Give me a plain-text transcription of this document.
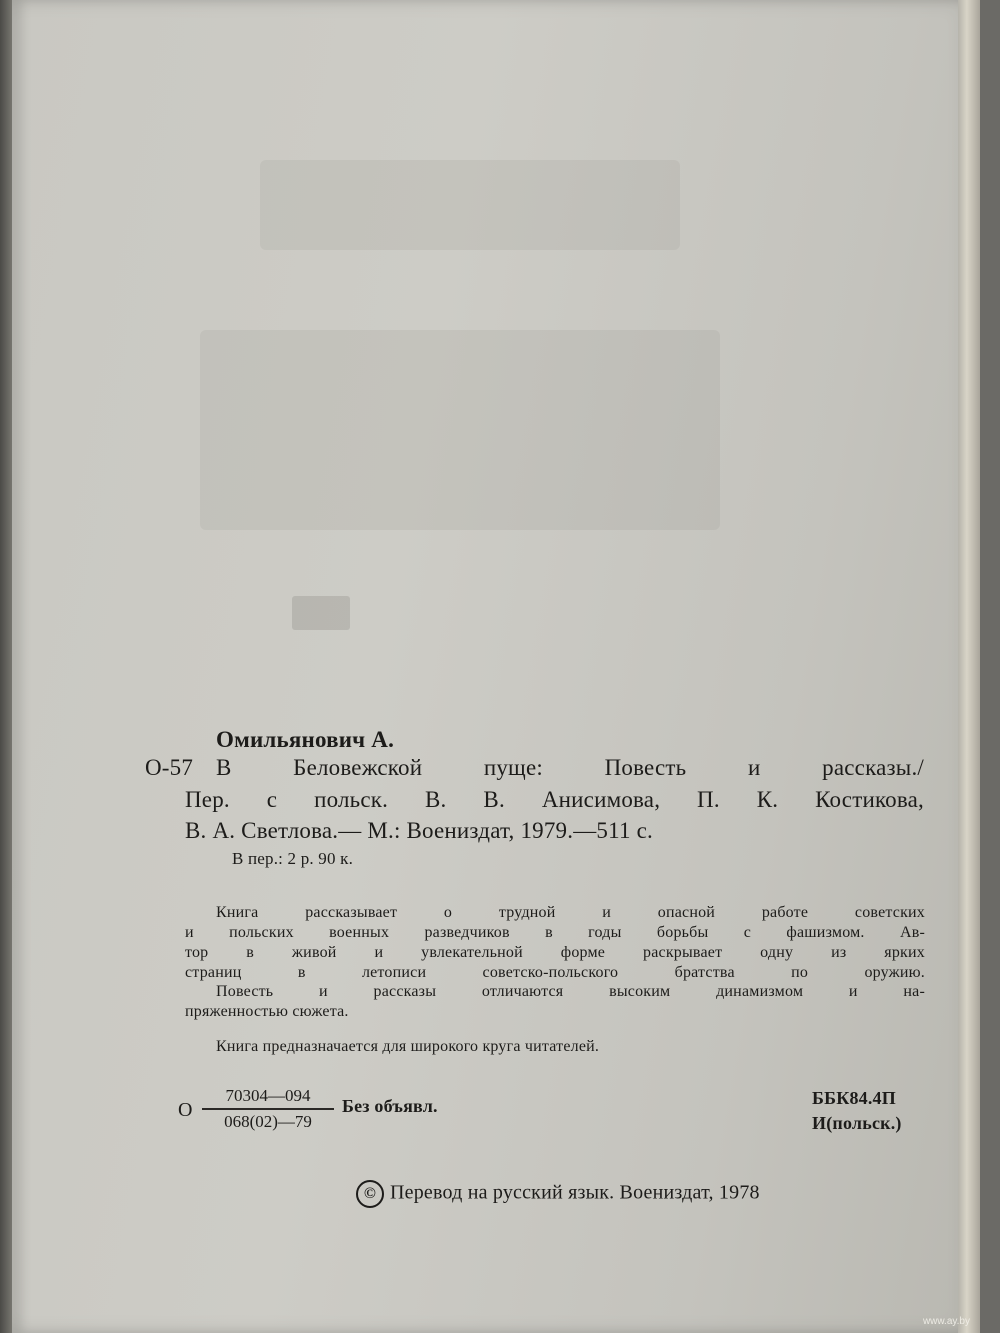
Омильянович А.
О-57 В Беловежской пуще: Повесть и рассказы./
Пер. с польск. В. В. Анисимова, П. К. Костикова,
В. А. Светлова.— М.: Воениздат, 1979.—511 с.
В пер.: 2 р. 90 к.
Книга рассказывает о трудной и опасной работе советских
и польских военных разведчиков в годы борьбы с фашизмом. Ав-
тор в живой и увлекательной форме раскрывает одну из ярких
страниц в летописи советско-польского братства по оружию.
Повесть и рассказы отличаются высоким динамизмом и на-
пряженностью сюжета.
Книга предназначается для широкого круга читателей.
О
70304—094
068(02)—79
Без объявл.	ББК84.4П
И(польск.)
© Перевод на русский язык. Воениздат, 1978
www.ay.by
